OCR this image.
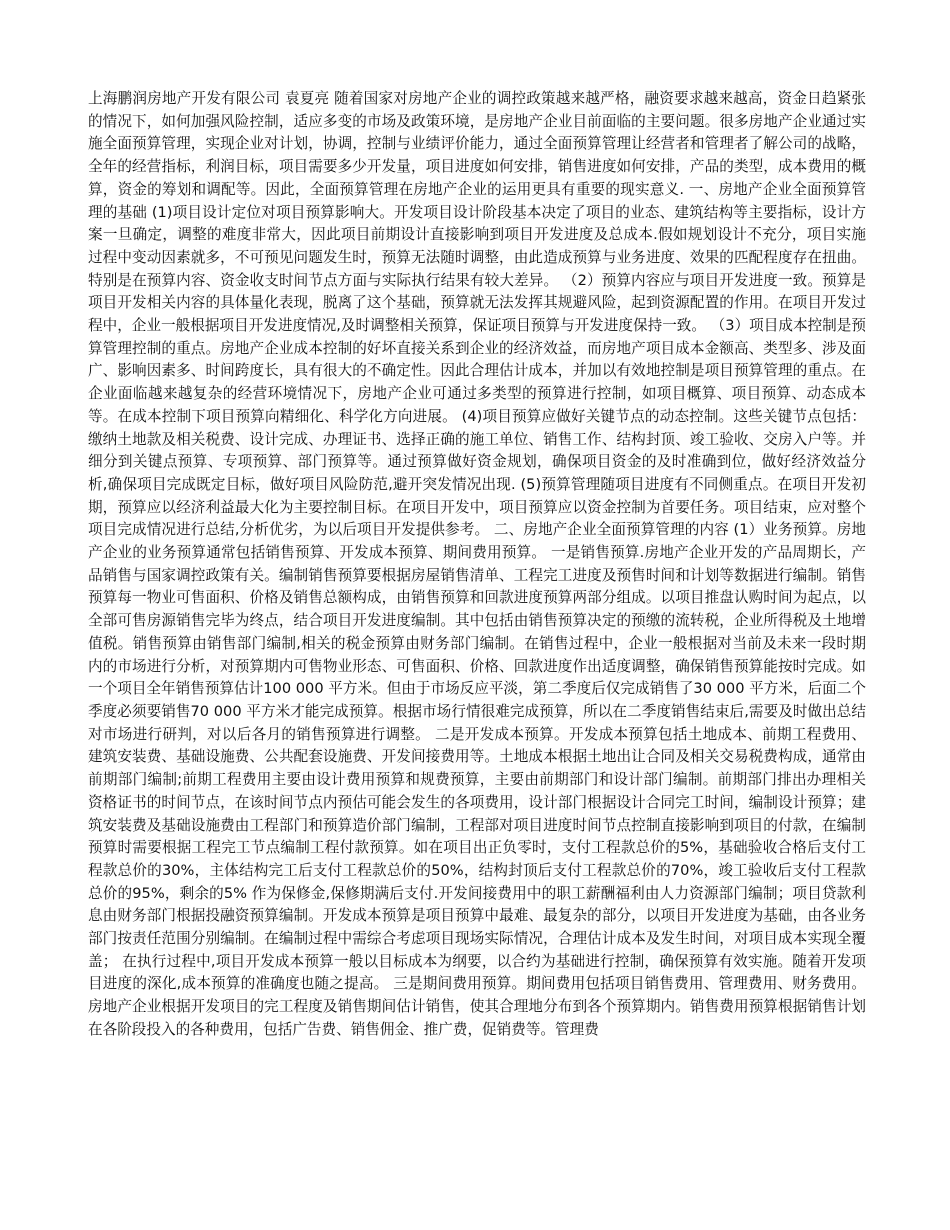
上海鹏润房地产开发有限公司 袁夏亮 随着国家对房地产企业的调控政策越来越严格，融资要求越来越高，资金日趋紧张的情况下，如何加强风险控制，适应多变的市场及政策环境，是房地产企业目前面临的主要问题。很多房地产企业通过实施全面预算管理，实现企业对计划，协调，控制与业绩评价能力，通过全面预算管理让经营者和管理者了解公司的战略，全年的经营指标，利润目标，项目需要多少开发量，项目进度如何安排，销售进度如何安排，产品的类型，成本费用的概算，资金的筹划和调配等。因此，全面预算管理在房地产企业的运用更具有重要的现实意义. 一、房地产企业全面预算管理的基础 (1)项目设计定位对项目预算影响大。开发项目设计阶段基本决定了项目的业态、建筑结构等主要指标，设计方案一旦确定，调整的难度非常大，因此项目前期设计直接影响到项目开发进度及总成本.假如规划设计不充分，项目实施过程中变动因素就多，不可预见问题发生时，预算无法随时调整，由此造成预算与业务进度、效果的匹配程度存在扭曲。特别是在预算内容、资金收支时间节点方面与实际执行结果有较大差异。 （2）预算内容应与项目开发进度一致。预算是项目开发相关内容的具体量化表现，脱离了这个基础，预算就无法发挥其规避风险，起到资源配置的作用。在项目开发过程中，企业一般根据项目开发进度情况,及时调整相关预算，保证项目预算与开发进度保持一致。 （3）项目成本控制是预算管理控制的重点。房地产企业成本控制的好坏直接关系到企业的经济效益，而房地产项目成本金额高、类型多、涉及面广、影响因素多、时间跨度长，具有很大的不确定性。因此合理估计成本，并加以有效地控制是项目预算管理的重点。在企业面临越来越复杂的经营环境情况下，房地产企业可通过多类型的预算进行控制，如项目概算、项目预算、动态成本等。在成本控制下项目预算向精细化、科学化方向进展。 (4)项目预算应做好关键节点的动态控制。这些关键节点包括： 缴纳土地款及相关税费、设计完成、办理证书、选择正确的施工单位、销售工作、结构封顶、竣工验收、交房入户等。并细分到关键点预算、专项预算、部门预算等。通过预算做好资金规划，确保项目资金的及时准确到位，做好经济效益分析,确保项目完成既定目标，做好项目风险防范,避开突发情况出现. (5)预算管理随项目进度有不同侧重点。在项目开发初期，预算应以经济利益最大化为主要控制目标。在项目开发中，项目预算应以资金控制为首要任务。项目结束，应对整个项目完成情况进行总结,分析优劣，为以后项目开发提供参考。 二、房地产企业全面预算管理的内容 (1）业务预算。房地产企业的业务预算通常包括销售预算、开发成本预算、期间费用预算。 一是销售预算.房地产企业开发的产品周期长，产品销售与国家调控政策有关。编制销售预算要根据房屋销售清单、工程完工进度及预售时间和计划等数据进行编制。销售预算每一物业可售面积、价格及销售总额构成，由销售预算和回款进度预算两部分组成。以项目推盘认购时间为起点，以全部可售房源销售完毕为终点，结合项目开发进度编制。其中包括由销售预算决定的预缴的流转税，企业所得税及土地增值税。销售预算由销售部门编制,相关的税金预算由财务部门编制。在销售过程中，企业一般根据对当前及未来一段时期内的市场进行分析，对预算期内可售物业形态、可售面积、价格、回款进度作出适度调整，确保销售预算能按时完成。如一个项目全年销售预算估计100 000 平方米。但由于市场反应平淡，第二季度后仅完成销售了30 000 平方米，后面二个季度必须要销售70 000 平方米才能完成预算。根据市场行情很难完成预算，所以在二季度销售结束后,需要及时做出总结对市场进行研判，对以后各月的销售预算进行调整。 二是开发成本预算。开发成本预算包括土地成本、前期工程费用、建筑安装费、基础设施费、公共配套设施费、开发间接费用等。土地成本根据土地出让合同及相关交易税费构成，通常由前期部门编制;前期工程费用主要由设计费用预算和规费预算，主要由前期部门和设计部门编制。前期部门排出办理相关资格证书的时间节点，在该时间节点内预估可能会发生的各项费用，设计部门根据设计合同完工时间，编制设计预算；建筑安装费及基础设施费由工程部门和预算造价部门编制，工程部对项目进度时间节点控制直接影响到项目的付款，在编制预算时需要根据工程完工节点编制工程付款预算。如在项目出正负零时，支付工程款总价的5%，基础验收合格后支付工程款总价的30%，主体结构完工后支付工程款总价的50%，结构封顶后支付工程款总价的70%，竣工验收后支付工程款总价的95%，剩余的5% 作为保修金,保修期满后支付.开发间接费用中的职工薪酬福利由人力资源部门编制；项目贷款利息由财务部门根据投融资预算编制。开发成本预算是项目预算中最难、最复杂的部分，以项目开发进度为基础，由各业务部门按责任范围分别编制。在编制过程中需综合考虑项目现场实际情况，合理估计成本及发生时间，对项目成本实现全覆盖； 在执行过程中,项目开发成本预算一般以目标成本为纲要，以合约为基础进行控制，确保预算有效实施。随着开发项目进度的深化,成本预算的准确度也随之提高。 三是期间费用预算。期间费用包括项目销售费用、管理费用、财务费用。房地产企业根据开发项目的完工程度及销售期间估计销售，使其合理地分布到各个预算期内。销售费用预算根据销售计划在各阶段投入的各种费用，包括广告费、销售佣金、推广费，促销费等。管理费
